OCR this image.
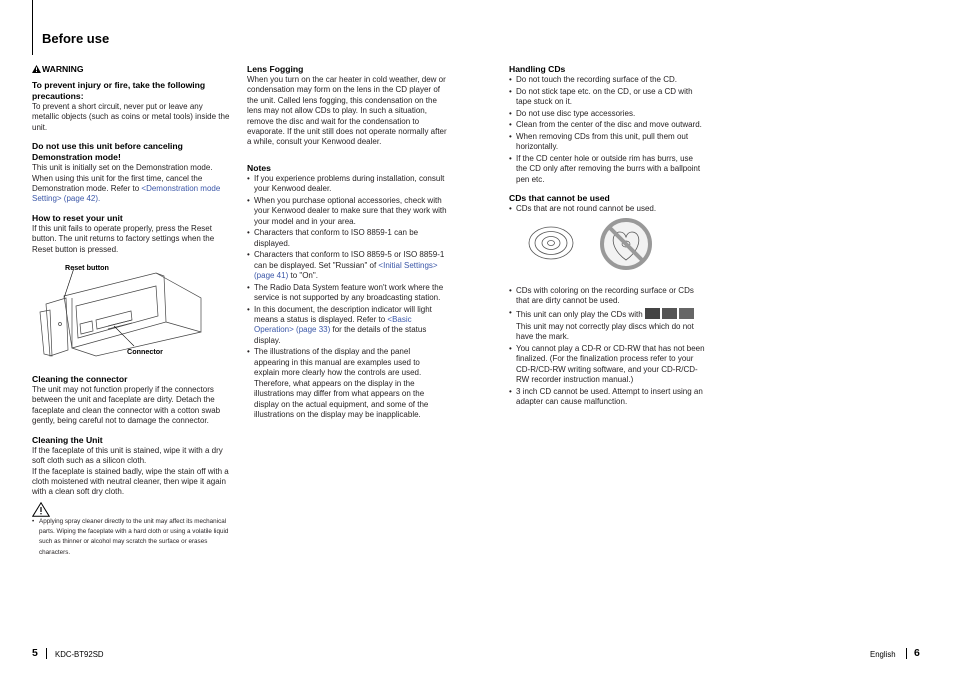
Before use

WARNING

To prevent injury or fire, take the following precautions:

To prevent a short circuit, never put or leave any metallic objects (such as coins or metal tools) inside the unit.

Do not use this unit before canceling Demonstration mode!

This unit is initially set on the Demonstration mode. When using this unit for the first time, cancel the Demonstration mode. Refer to <Demonstration mode Setting> (page 42).

How to reset your unit

If this unit fails to operate properly, press the Reset button. The unit returns to factory settings when the Reset button is pressed.

Reset button
Connector

Cleaning the connector

The unit may not function properly if the connectors between the unit and faceplate are dirty. Detach the faceplate and clean the connector with a cotton swab gently, being careful not to damage the connector.

Cleaning the Unit

If the faceplate of this unit is stained, wipe it with a dry soft cloth such as a silicon cloth.

If the faceplate is stained badly, wipe the stain off with a cloth moistened with neutral cleaner, then wipe it again with a clean soft dry cloth.

• Applying spray cleaner directly to the unit may affect its mechanical parts. Wiping the faceplate with a hard cloth or using a volatile liquid such as thinner or alcohol may scratch the surface or erases characters.

Lens Fogging

When you turn on the car heater in cold weather, dew or condensation may form on the lens in the CD player of the unit. Called lens fogging, this condensation on the lens may not allow CDs to play. In such a situation, remove the disc and wait for the condensation to evaporate. If the unit still does not operate normally after a while, consult your Kenwood dealer.

Notes

• If you experience problems during installation, consult your Kenwood dealer.
• When you purchase optional accessories, check with your Kenwood dealer to make sure that they work with your model and in your area.
• Characters that conform to ISO 8859-1 can be displayed.
• Characters that conform to ISO 8859-5 or ISO 8859-1 can be displayed. Set "Russian" of <Initial Settings> (page 41) to "On".
• The Radio Data System feature won't work where the service is not supported by any broadcasting station.
• In this document, the description indicator will light means a status is displayed. Refer to <Basic Operation> (page 33) for the details of the status display.
• The illustrations of the display and the panel appearing in this manual are examples used to explain more clearly how the controls are used. Therefore, what appears on the display in the illustrations may differ from what appears on the display on the actual equipment, and some of the illustrations on the display may be inapplicable.

Handling CDs

• Do not touch the recording surface of the CD.
• Do not stick tape etc. on the CD, or use a CD with tape stuck on it.
• Do not use disc type accessories.
• Clean from the center of the disc and move outward.
• When removing CDs from this unit, pull them out horizontally.
• If the CD center hole or outside rim has burrs, use the CD only after removing the burrs with a ballpoint pen etc.

CDs that cannot be used

• CDs that are not round cannot be used.
• CDs with coloring on the recording surface or CDs that are dirty cannot be used.
• This unit can only play the CDs with

This unit may not correctly play discs which do not have the mark.
• You cannot play a CD-R or CD-RW that has not been finalized. (For the finalization process refer to your CD-R/CD-RW writing software, and your CD-R/CD-RW recorder instruction manual.)
• 3 inch CD cannot be used. Attempt to insert using an adapter can cause malfunction.
5 KDC-BT92SD	English 6
